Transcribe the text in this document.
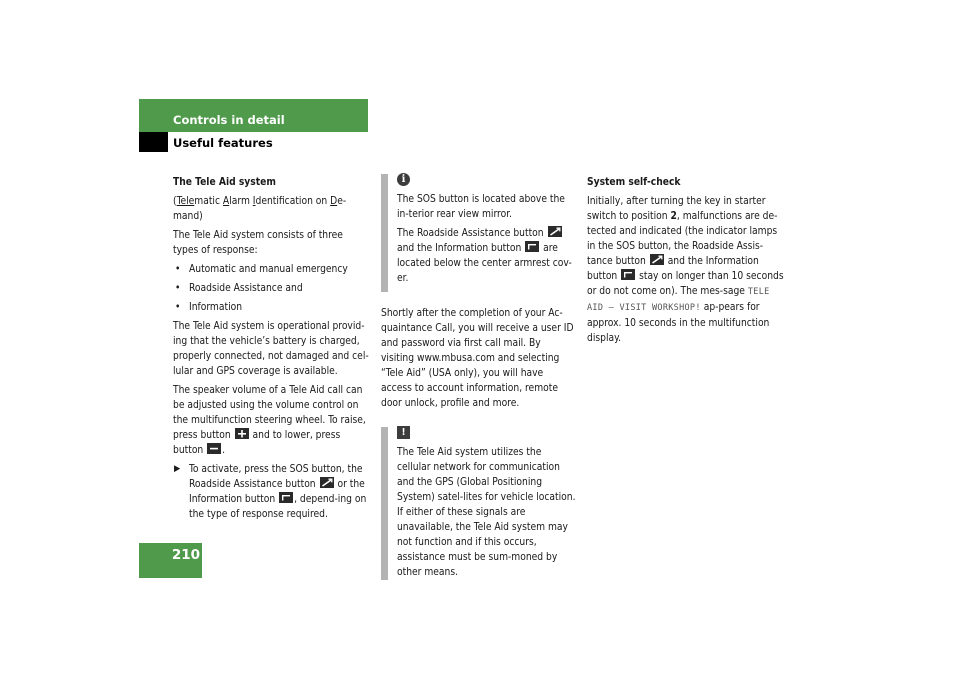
Controls in detail
Useful features

The Tele Aid system

(Telematic Alarm Identification on De-mand)

The Tele Aid system consists of three types of response:

• Automatic and manual emergency
• Roadside Assistance and
• Information

The Tele Aid system is operational provid-ing that the vehicle’s battery is charged, properly connected, not damaged and cel-lular and GPS coverage is available.

The speaker volume of a Tele Aid call can be adjusted using the volume control on the multifunction steering wheel. To raise, press button and to lower, press button .

▶ To activate, press the SOS button, the Roadside Assistance button or the Information button , depend-ing on the type of response required.
i

The SOS button is located above the in-terior rear view mirror.

The Roadside Assistance button
and the Information button are located below the center armrest cov-er.

Shortly after the completion of your Ac-quaintance Call, you will receive a user ID and password via first call mail. By visiting www.mbusa.com and selecting “Tele Aid” (USA only), you will have access to account information, remote door unlock, profile and more.

!

The Tele Aid system utilizes the cellular network for communication and the GPS (Global Positioning System) satel-lites for vehicle location. If either of these signals are unavailable, the Tele Aid system may not function and if this occurs, assistance must be sum-moned by other means.

System self-check

Initially, after turning the key in starter switch to position 2, malfunctions are de-tected and indicated (the indicator lamps in the SOS button, the Roadside Assis-tance button and the Information button stay on longer than 10 seconds or do not come on). The mes-sage TELE AID – VISIT WORKSHOP! ap-pears for approx. 10 seconds in the multifunction display.

210
